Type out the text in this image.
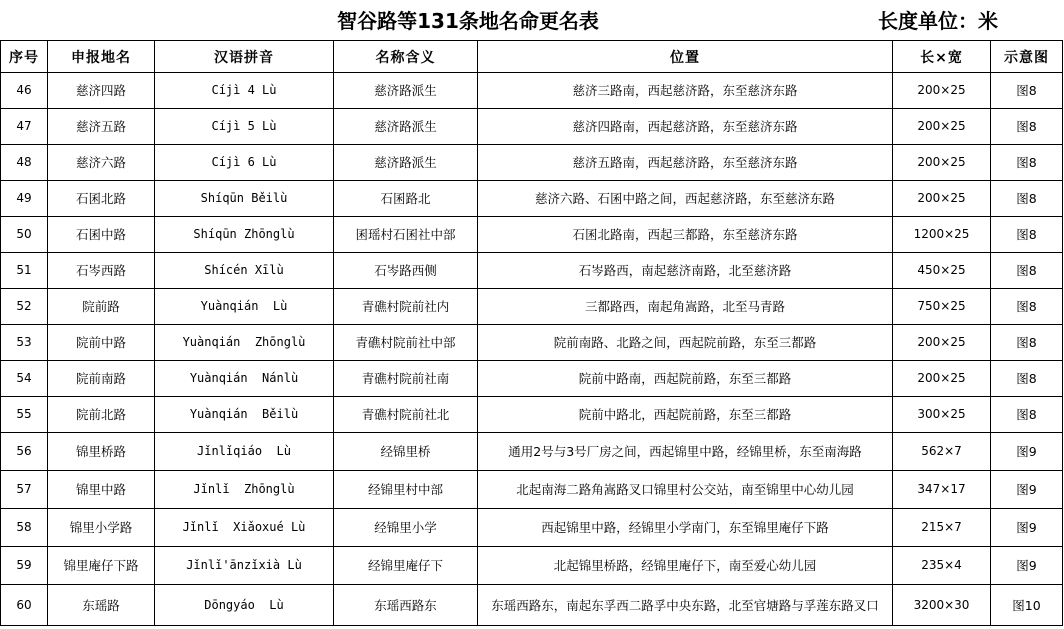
智谷路等131条地名命更名表	长度单位：米
序号	申报地名	汉语拼音	名称含义	位置	长×宽	示意图
46	慈济四路	Cíjì 4 Lù	慈济路派生	慈济三路南，西起慈济路，东至慈济东路	200×25	图8
47	慈济五路	Cíjì 5 Lù	慈济路派生	慈济四路南，西起慈济路，东至慈济东路	200×25	图8
48	慈济六路	Cíjì 6 Lù	慈济路派生	慈济五路南，西起慈济路，东至慈济东路	200×25	图8
49	石囷北路	Shíqūn Běilù	石囷路北	慈济六路、石囷中路之间，西起慈济路，东至慈济东路	200×25	图8
50	石囷中路	Shíqūn Zhōnglù	囷瑶村石囷社中部	石囷北路南，西起三都路，东至慈济东路	1200×25	图8
51	石岑西路	Shícén Xīlù	石岑路西侧	石岑路西，南起慈济南路，北至慈济路	450×25	图8
52	院前路	Yuànqián  Lù	青礁村院前社内	三都路西，南起角嵩路，北至马青路	750×25	图8
53	院前中路	Yuànqián  Zhōnglù	青礁村院前社中部	院前南路、北路之间，西起院前路，东至三都路	200×25	图8
54	院前南路	Yuànqián  Nánlù	青礁村院前社南	院前中路南，西起院前路，东至三都路	200×25	图8
55	院前北路	Yuànqián  Běilù	青礁村院前社北	院前中路北，西起院前路，东至三都路	300×25	图8
56	锦里桥路	Jǐnlǐqiáo  Lù	经锦里桥	通用2号与3号厂房之间，西起锦里中路，经锦里桥，东至南海路	562×7	图9
57	锦里中路	Jǐnlǐ  Zhōnglù	经锦里村中部	北起南海二路角嵩路叉口锦里村公交站，南至锦里中心幼儿园	347×17	图9
58	锦里小学路	Jǐnlǐ  Xiǎoxué Lù	经锦里小学	西起锦里中路，经锦里小学南门，东至锦里庵仔下路	215×7	图9
59	锦里庵仔下路	Jǐnlǐ'ānzǐxià Lù	经锦里庵仔下	北起锦里桥路，经锦里庵仔下，南至爱心幼儿园	235×4	图9
60	东瑶路	Dōngyáo  Lù	东瑶西路东	东瑶西路东，南起东孚西二路孚中央东路，北至官塘路与孚莲东路叉口	3200×30	图10
